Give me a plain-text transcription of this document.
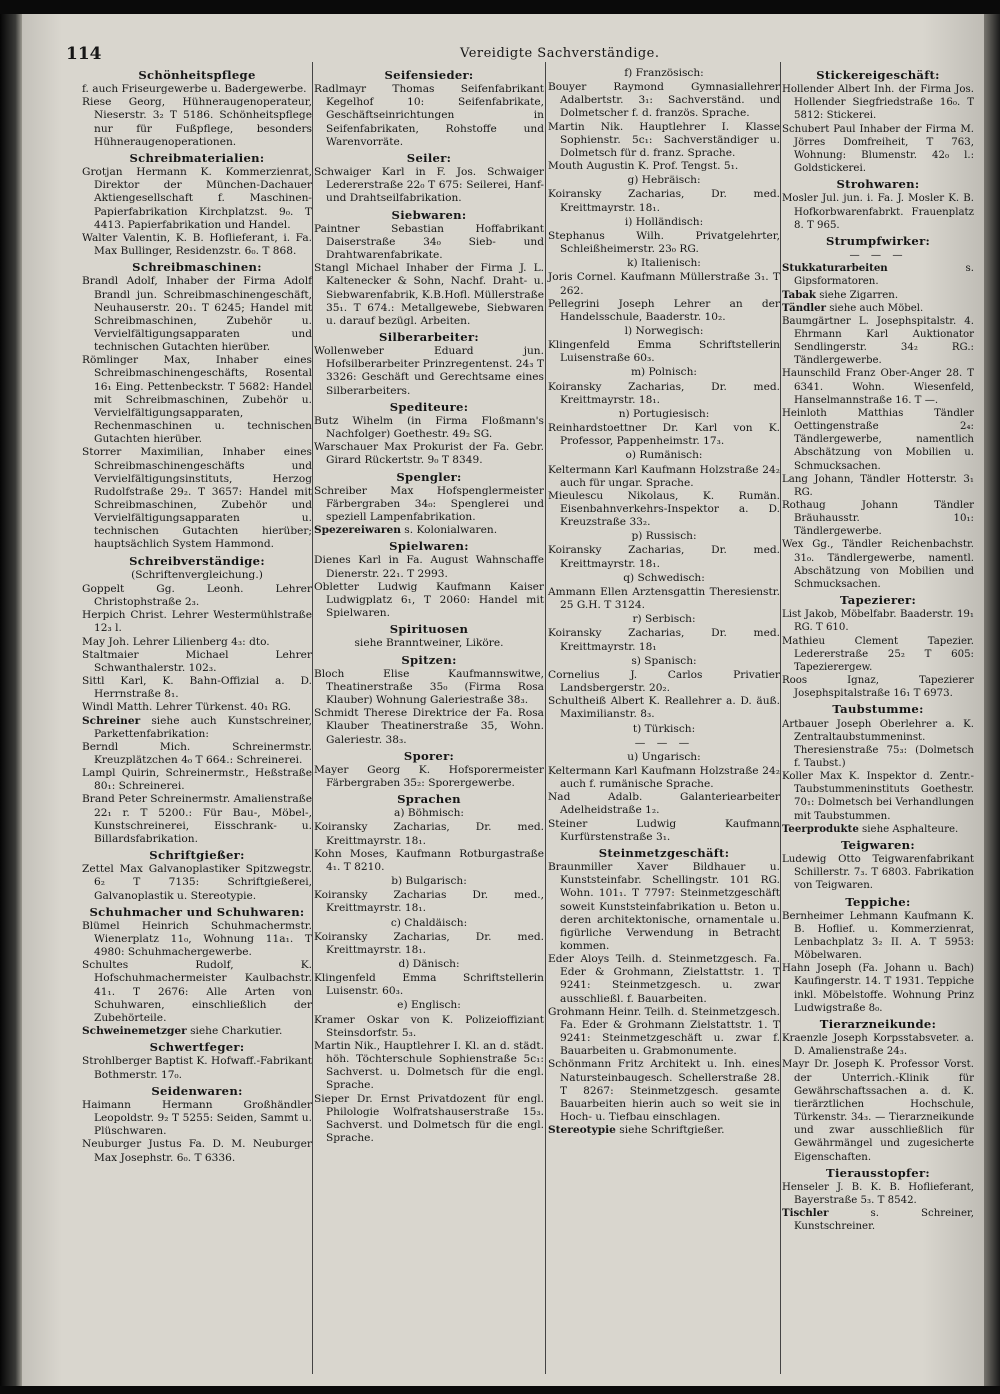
114	Vereidigte Sachverständige.
Schönheitspflege
f. auch Friseurgewerbe u. Badergewerbe.
Riese Georg, Hühneraugenoperateur, Nieserstr. 3₂ T 5186. Schönheitspflege nur für Fußpflege, besonders Hühneraugenoperationen.
Schreibmaterialien:
Grotjan Hermann K. Kommerzienrat, Direktor der München-Dachauer Aktiengesellschaft f. Maschinen-Papierfabrikation Kirchplatzst. 9₀. T 4413. Papierfabrikation und Handel.
Walter Valentin, K. B. Hoflieferant, i. Fa. Max Bullinger, Residenzstr. 6₀. T 868.
Schreibmaschinen:
Brandl Adolf, Inhaber der Firma Adolf Brandl jun. Schreibmaschinengeschäft, Neuhauserstr. 20₁. T 6245; Handel mit Schreibmaschinen, Zubehör u. Vervielfältigungsapparaten und technischen Gutachten hierüber.
Römlinger Max, Inhaber eines Schreibmaschinengeschäfts, Rosental 16₁ Eing. Pettenbeckstr. T 5682: Handel mit Schreibmaschinen, Zubehör u. Vervielfältigungsapparaten, Rechenmaschinen u. technischen Gutachten hierüber.
Storrer Maximilian, Inhaber eines Schreibmaschinengeschäfts und Vervielfältigungsinstituts, Herzog Rudolfstraße 29₂. T 3657: Handel mit Schreibmaschinen, Zubehör und Vervielfältigungsapparaten u. technischen Gutachten hierüber; hauptsächlich System Hammond.
Schreibverständige:
(Schriftenvergleichung.)
Goppelt Gg. Leonh. Lehrer Christophstraße 2₃.
Herpich Christ. Lehrer Westermühlstraße 12₃ l.
May Joh. Lehrer Lilienberg 4₃: dto.
Staltmaier Michael Lehrer Schwanthalerstr. 102₃.
Sittl Karl, K. Bahn-Offizial a. D. Herrnstraße 8₁.
Windl Matth. Lehrer Türkenst. 40₁ RG.
Schreiner siehe auch Kunstschreiner, Parkettenfabrikation:
Berndl Mich. Schreinermstr. Kreuzplätzchen 4₀ T 664.: Schreinerei.
Lampl Quirin, Schreinermstr., Heßstraße 80₁: Schreinerei.
Brand Peter Schreinermstr. Amalienstraße 22₁ r. T 5200.: Für Bau-, Möbel-, Kunstschreinerei, Eisschrank- u. Billardsfabrikation.
Schriftgießer:
Zettel Max Galvanoplastiker Spitzwegstr. 6₂ T 7135: Schriftgießerei, Galvanoplastik u. Stereotypie.
Schuhmacher und Schuhwaren:
Blümel Heinrich Schuhmachermstr. Wienerplatz 11₀, Wohnung 11a₁. T 4980: Schuhmachergewerbe.
Schultes Rudolf, K. Hofschuhmachermeister Kaulbachstr. 41₁. T 2676: Alle Arten von Schuhwaren, einschließlich der Zubehörteile.
Schweinemetzger siehe Charkutier.
Schwertfeger:
Strohlberger Baptist K. Hofwaff.-Fabrikant Bothmerstr. 17₀.
Seidenwaren:
Haimann Hermann Großhändler Leopoldstr. 9₂ T 5255: Seiden, Sammt u. Plüschwaren.
Neuburger Justus Fa. D. M. Neuburger Max Josephstr. 6₀. T 6336.
Seifensieder:
Radlmayr Thomas Seifenfabrikant Kegelhof 10: Seifenfabrikate, Geschäftseinrichtungen in Seifenfabrikaten, Rohstoffe und Warenvorräte.
Seiler:
Schwaiger Karl in F. Jos. Schwaiger Ledererstraße 22₀ T 675: Seilerei, Hanf- und Drahtseilfabrikation.
Siebwaren:
Paintner Sebastian Hoffabrikant Daiserstraße 34₀ Sieb- und Drahtwarenfabrikate.
Stangl Michael Inhaber der Firma J. L. Kaltenecker & Sohn, Nachf. Draht- u. Siebwarenfabrik, K.B.Hofl. Müllerstraße 35₁. T 674.: Metallgewebe, Siebwaren u. darauf bezügl. Arbeiten.
Silberarbeiter:
Wollenweber Eduard jun. Hofsilberarbeiter Prinzregentenst. 24₃ T 3326: Geschäft und Gerechtsame eines Silberarbeiters.
Spediteure:
Butz Wihelm (in Firma Floßmann's Nachfolger) Goethestr. 49₂ SG.
Warschauer Max Prokurist der Fa. Gebr. Girard Rückertstr. 9₀ T 8349.
Spengler:
Schreiber Max Hofspenglermeister Färbergraben 34₀: Spenglerei und speziell Lampenfabrikation.
Spezereiwaren s. Kolonialwaren.
Spielwaren:
Dienes Karl in Fa. August Wahnschaffe Dienerstr. 22₁. T 2993.
Obletter Ludwig Kaufmann Kaiser Ludwigplatz 6₁, T 2060: Handel mit Spielwaren.
Spirituosen
siehe Branntweiner, Liköre.
Spitzen:
Bloch Elise Kaufmannswitwe, Theatinerstraße 35₀ (Firma Rosa Klauber) Wohnung Galeriestraße 38₃.
Schmidt Therese Direktrice der Fa. Rosa Klauber Theatinerstraße 35, Wohn. Galeriestr. 38₃.
Sporer:
Mayer Georg K. Hofsporermeister Färbergraben 35₂: Sporergewerbe.
Sprachen
a) Böhmisch:
Koiransky Zacharias, Dr. med. Kreittmayrstr. 18₁.
Kohn Moses, Kaufmann Rotburgastraße 4₁. T 8210.
b) Bulgarisch:
Koiransky Zacharias Dr. med., Kreittmayrstr. 18₁.
c) Chaldäisch:
Koiransky Zacharias, Dr. med. Kreittmayrstr. 18₁.
d) Dänisch:
Klingenfeld Emma Schriftstellerin Luisenstr. 60₃.
e) Englisch:
Kramer Oskar von K. Polizeioffiziant Steinsdorfstr. 5₃.
Martin Nik., Hauptlehrer I. Kl. an d. städt. höh. Töchterschule Sophienstraße 5c₁: Sachverst. u. Dolmetsch für die engl. Sprache.
Sieper Dr. Ernst Privatdozent für engl. Philologie Wolfratshauserstraße 15₃. Sachverst. und Dolmetsch für die engl. Sprache.
f) Französisch:
Bouyer Raymond Gymnasiallehrer Adalbertstr. 3₁: Sachverständ. und Dolmetscher f. d. französ. Sprache.
Martin Nik. Hauptlehrer I. Klasse Sophienstr. 5c₁: Sachverständiger u. Dolmetsch für d. franz. Sprache.
Mouth Augustin K. Prof. Tengst. 5₁.
g) Hebräisch:
Koiransky Zacharias, Dr. med. Kreittmayrstr. 18₁.
i) Holländisch:
Stephanus Wilh. Privatgelehrter, Schleißheimerstr. 23₀ RG.
k) Italienisch:
Joris Cornel. Kaufmann Müllerstraße 3₁. T 262.
Pellegrini Joseph Lehrer an der Handelsschule, Baaderstr. 10₂.
l) Norwegisch:
Klingenfeld Emma Schriftstellerin Luisenstraße 60₃.
m) Polnisch:
Koiransky Zacharias, Dr. med. Kreittmayrstr. 18₁.
n) Portugiesisch:
Reinhardstoettner Dr. Karl von K. Professor, Pappenheimstr. 17₃.
o) Rumänisch:
Keltermann Karl Kaufmann Holzstraße 24₂ auch für ungar. Sprache.
Mieulescu Nikolaus, K. Rumän. Eisenbahnverkehrs-Inspektor a. D. Kreuzstraße 33₂.
p) Russisch:
Koiransky Zacharias, Dr. med. Kreittmayrstr. 18₁.
q) Schwedisch:
Ammann Ellen Arztensgattin Theresienstr. 25 G.H. T 3124.
r) Serbisch:
Koiransky Zacharias, Dr. med. Kreittmayrstr. 18₁
s) Spanisch:
Cornelius J. Carlos Privatier Landsbergerstr. 20₂.
Schultheiß Albert K. Reallehrer a. D. äuß. Maximilianstr. 8₃.
t) Türkisch:
— — —
u) Ungarisch:
Keltermann Karl Kaufmann Holzstraße 24₂ auch f. rumänische Sprache.
Nad Adalb. Galanteriearbeiter Adelheidstraße 1₂.
Steiner Ludwig Kaufmann Kurfürstenstraße 3₁.
Steinmetzgeschäft:
Braunmiller Xaver Bildhauer u. Kunststeinfabr. Schellingstr. 101 RG. Wohn. 101₁. T 7797: Steinmetzgeschäft soweit Kunststeinfabrikation u. Beton u. deren architektonische, ornamentale u. figürliche Verwendung in Betracht kommen.
Eder Aloys Teilh. d. Steinmetzgesch. Fa. Eder & Grohmann, Zielstattstr. 1. T 9241: Steinmetzgesch. u. zwar ausschließl. f. Bauarbeiten.
Grohmann Heinr. Teilh. d. Steinmetzgesch. Fa. Eder & Grohmann Zielstattstr. 1. T 9241: Steinmetzgeschäft u. zwar f. Bauarbeiten u. Grabmonumente.
Schönmann Fritz Architekt u. Inh. eines Natursteinbaugesch. Schellerstraße 28. T 8267: Steinmetzgesch. gesamte Bauarbeiten hierin auch so weit sie in Hoch- u. Tiefbau einschlagen.
Stereotypie siehe Schriftgießer.
Stickereigeschäft:
Hollender Albert Inh. der Firma Jos. Hollender Siegfriedstraße 16₀. T 5812: Stickerei.
Schubert Paul Inhaber der Firma M. Jörres Domfreiheit, T 763, Wohnung: Blumenstr. 42₀ l.: Goldstickerei.
Strohwaren:
Mosler Jul. jun. i. Fa. J. Mosler K. B. Hofkorbwarenfabrkt. Frauenplatz 8. T 965.
Strumpfwirker:
— — —
Stukkaturarbeiten s. Gipsformatoren.
Tabak siehe Zigarren.
Tändler siehe auch Möbel.
Baumgärtner L. Josephspitalstr. 4. Ehrmann Karl Auktionator Sendlingerstr. 34₂ RG.: Tändlergewerbe.
Haunschild Franz Ober-Anger 28. T 6341. Wohn. Wiesenfeld, Hanselmannstraße 16. T —.
Heinloth Matthias Tändler Oettingenstraße 2₄: Tändlergewerbe, namentlich Abschätzung von Mobilien u. Schmucksachen.
Lang Johann, Tändler Hotterstr. 3₁ RG.
Rothaug Johann Tändler Bräuhausstr. 10₁: Tändlergewerbe.
Wex Gg., Tändler Reichenbachstr. 31₀. Tändlergewerbe, namentl. Abschätzung von Mobilien und Schmucksachen.
Tapezierer:
List Jakob, Möbelfabr. Baaderstr. 19₁ RG. T 610.
Mathieu Clement Tapezier. Ledererstraße 25₂ T 605: Tapezierergew.
Roos Ignaz, Tapezierer Josephspitalstraße 16₁ T 6973.
Taubstumme:
Artbauer Joseph Oberlehrer a. K. Zentraltaubstummeninst. Theresienstraße 75₃: (Dolmetsch f. Taubst.)
Koller Max K. Inspektor d. Zentr.-Taubstummeninstituts Goethestr. 70₁: Dolmetsch bei Verhandlungen mit Taubstummen.
Teerprodukte siehe Asphalteure.
Teigwaren:
Ludewig Otto Teigwarenfabrikant Schillerstr. 7₃. T 6803. Fabrikation von Teigwaren.
Teppiche:
Bernheimer Lehmann Kaufmann K. B. Hoflief. u. Kommerzienrat, Lenbachplatz 3₂ II. A. T 5953: Möbelwaren.
Hahn Joseph (Fa. Johann u. Bach) Kaufingerstr. 14. T 1931. Teppiche inkl. Möbelstoffe. Wohnung Prinz Ludwigstraße 8₀.
Tierarzneikunde:
Kraenzle Joseph Korpsstabsveter. a. D. Amalienstraße 24₃.
Mayr Dr. Joseph K. Professor Vorst. der Unterrich.-Klinik für Gewährschaftssachen a. d. K. tierärztlichen Hochschule, Türkenstr. 34₃. — Tierarzneikunde und zwar ausschließlich für Gewährmängel und zugesicherte Eigenschaften.
Tierausstopfer:
Henseler J. B. K. B. Hoflieferant, Bayerstraße 5₃. T 8542.
Tischler s. Schreiner, Kunstschreiner.
